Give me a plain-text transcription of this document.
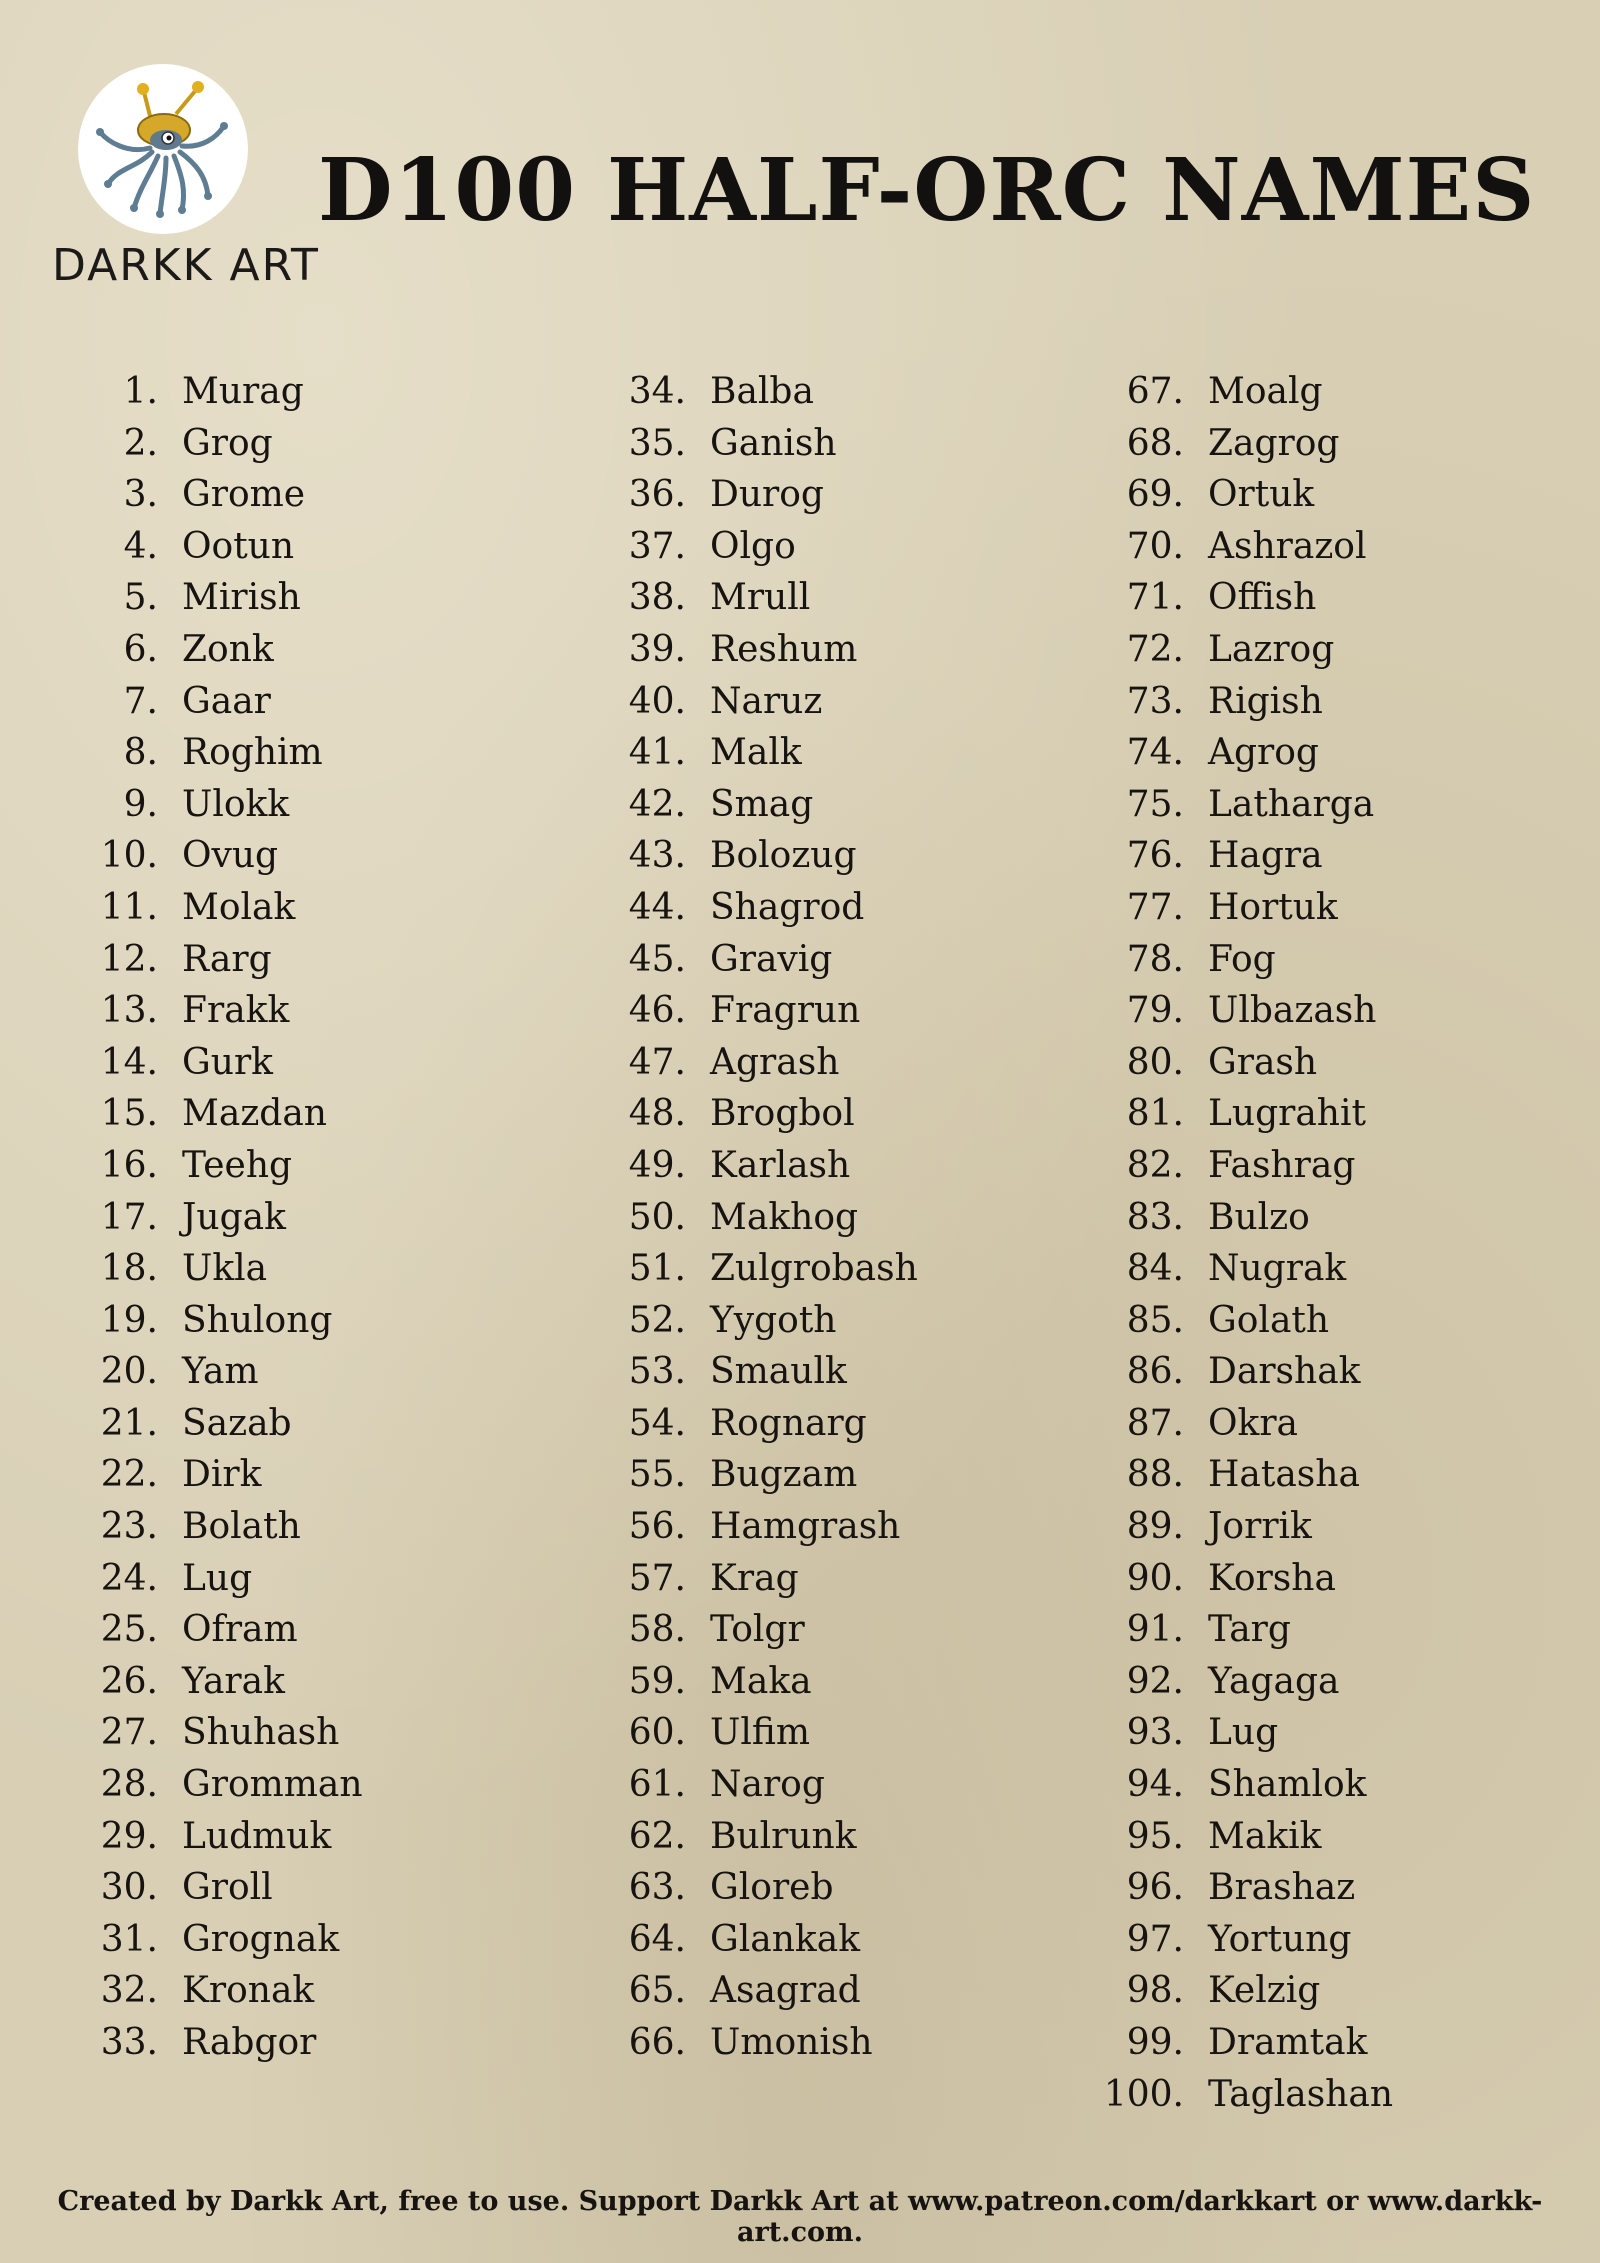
DARKK ART
D100 HALF-ORC NAMES
1. Murag
2. Grog
3. Grome
4. Ootun
5. Mirish
6. Zonk
7. Gaar
8. Roghim
9. Ulokk
10. Ovug
11. Molak
12. Rarg
13. Frakk
14. Gurk
15. Mazdan
16. Teehg
17. Jugak
18. Ukla
19. Shulong
20. Yam
21. Sazab
22. Dirk
23. Bolath
24. Lug
25. Ofram
26. Yarak
27. Shuhash
28. Gromman
29. Ludmuk
30. Groll
31. Grognak
32. Kronak
33. Rabgor
34. Balba
35. Ganish
36. Durog
37. Olgo
38. Mrull
39. Reshum
40. Naruz
41. Malk
42. Smag
43. Bolozug
44. Shagrod
45. Gravig
46. Fragrun
47. Agrash
48. Brogbol
49. Karlash
50. Makhog
51. Zulgrobash
52. Yygoth
53. Smaulk
54. Rognarg
55. Bugzam
56. Hamgrash
57. Krag
58. Tolgr
59. Maka
60. Ulfim
61. Narog
62. Bulrunk
63. Gloreb
64. Glankak
65. Asagrad
66. Umonish
67. Moalg
68. Zagrog
69. Ortuk
70. Ashrazol
71. Offish
72. Lazrog
73. Rigish
74. Agrog
75. Latharga
76. Hagra
77. Hortuk
78. Fog
79. Ulbazash
80. Grash
81. Lugrahit
82. Fashrag
83. Bulzo
84. Nugrak
85. Golath
86. Darshak
87. Okra
88. Hatasha
89. Jorrik
90. Korsha
91. Targ
92. Yagaga
93. Lug
94. Shamlok
95. Makik
96. Brashaz
97. Yortung
98. Kelzig
99. Dramtak
100. Taglashan
Created by Darkk Art, free to use. Support Darkk Art at www.patreon.com/darkkart or www.darkk-art.com.
